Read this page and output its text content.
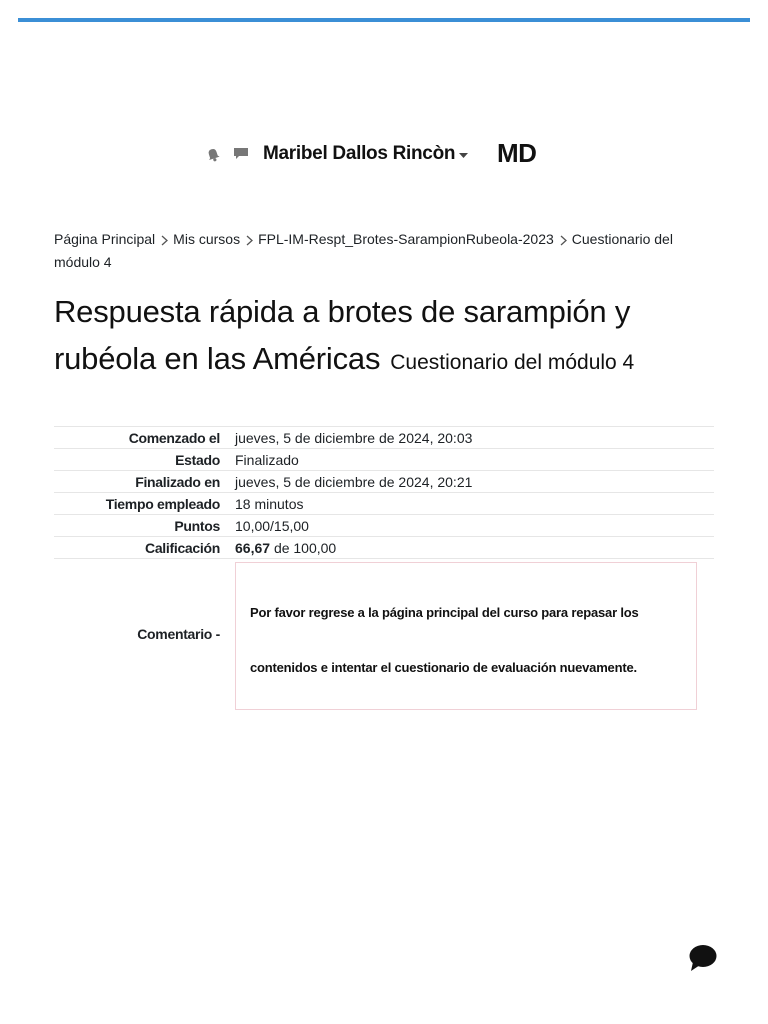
Maribel Dallos Rincòn MD
Página Principal Mis cursos FPL-IM-Respt_Brotes-SarampionRubeola-2023 Cuestionario del módulo 4
Respuesta rápida a brotes de sarampión y rubéola en las Américas Cuestionario del módulo 4
Comenzado el	jueves, 5 de diciembre de 2024, 20:03
Estado	Finalizado
Finalizado en	jueves, 5 de diciembre de 2024, 20:21
Tiempo empleado	18 minutos
Puntos	10,00/15,00
Calificación	66,67 de 100,00
Comentario -
Por favor regrese a la página principal del curso para repasar los contenidos e intentar el cuestionario de evaluación nuevamente.
